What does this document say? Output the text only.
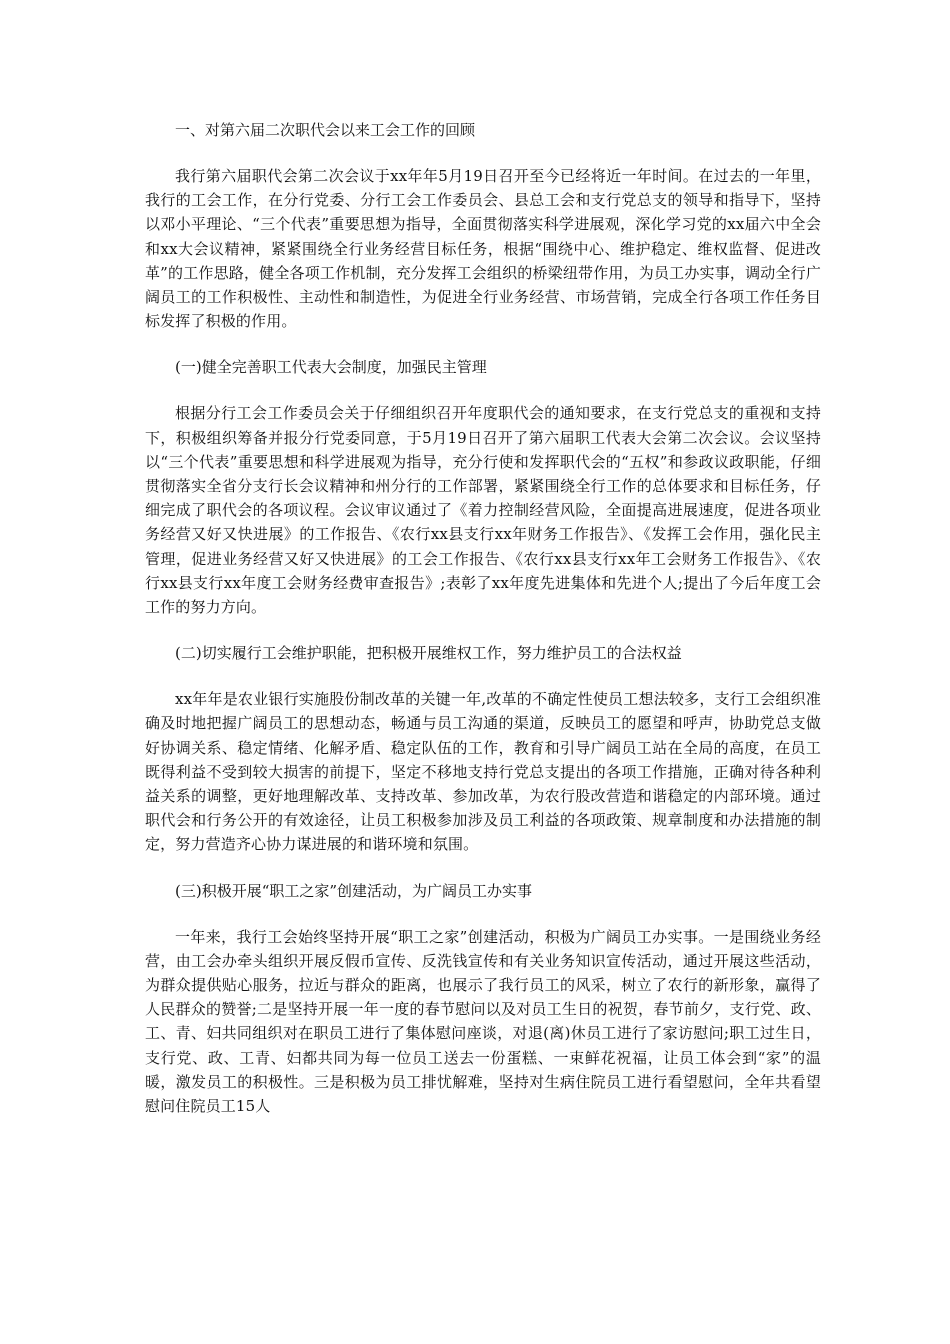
一、对第六届二次职代会以来工会工作的回顾

我行第六届职代会第二次会议于xx年年5月19日召开至今已经将近一年时间。在过去的一年里，我行的工会工作，在分行党委、分行工会工作委员会、县总工会和支行党总支的领导和指导下，坚持以邓小平理论、“三个代表”重要思想为指导，全面贯彻落实科学进展观，深化学习党的xx届六中全会和xx大会议精神，紧紧围绕全行业务经营目标任务，根据“围绕中心、维护稳定、维权监督、促进改革”的工作思路，健全各项工作机制，充分发挥工会组织的桥梁纽带作用，为员工办实事，调动全行广阔员工的工作积极性、主动性和制造性，为促进全行业务经营、市场营销，完成全行各项工作任务目标发挥了积极的作用。

(一)健全完善职工代表大会制度，加强民主管理

根据分行工会工作委员会关于仔细组织召开年度职代会的通知要求，在支行党总支的重视和支持下，积极组织筹备并报分行党委同意，于5月19日召开了第六届职工代表大会第二次会议。会议坚持以“三个代表”重要思想和科学进展观为指导，充分行使和发挥职代会的“五权”和参政议政职能，仔细贯彻落实全省分支行长会议精神和州分行的工作部署，紧紧围绕全行工作的总体要求和目标任务，仔细完成了职代会的各项议程。会议审议通过了《着力控制经营风险，全面提高进展速度，促进各项业务经营又好又快进展》的工作报告、《农行xx县支行xx年财务工作报告》、《发挥工会作用，强化民主管理，促进业务经营又好又快进展》的工会工作报告、《农行xx县支行xx年工会财务工作报告》、《农行xx县支行xx年度工会财务经费审查报告》;表彰了xx年度先进集体和先进个人;提出了今后年度工会工作的努力方向。

(二)切实履行工会维护职能，把积极开展维权工作，努力维护员工的合法权益

xx年年是农业银行实施股份制改革的关键一年,改革的不确定性使员工想法较多，支行工会组织准确及时地把握广阔员工的思想动态，畅通与员工沟通的渠道，反映员工的愿望和呼声，协助党总支做好协调关系、稳定情绪、化解矛盾、稳定队伍的工作，教育和引导广阔员工站在全局的高度，在员工既得利益不受到较大损害的前提下，坚定不移地支持行党总支提出的各项工作措施，正确对待各种利益关系的调整，更好地理解改革、支持改革、参加改革，为农行股改营造和谐稳定的内部环境。通过职代会和行务公开的有效途径，让员工积极参加涉及员工利益的各项政策、规章制度和办法措施的制定，努力营造齐心协力谋进展的和谐环境和氛围。

(三)积极开展“职工之家”创建活动，为广阔员工办实事

一年来，我行工会始终坚持开展“职工之家”创建活动，积极为广阔员工办实事。一是围绕业务经营，由工会办牵头组织开展反假币宣传、反洗钱宣传和有关业务知识宣传活动，通过开展这些活动，为群众提供贴心服务，拉近与群众的距离，也展示了我行员工的风采，树立了农行的新形象，赢得了人民群众的赞誉;二是坚持开展一年一度的春节慰问以及对员工生日的祝贺，春节前夕，支行党、政、工、青、妇共同组织对在职员工进行了集体慰问座谈，对退(离)休员工进行了家访慰问;职工过生日，支行党、政、工青、妇都共同为每一位员工送去一份蛋糕、一束鲜花祝福，让员工体会到“家”的温暖，激发员工的积极性。三是积极为员工排忧解难，坚持对生病住院员工进行看望慰问，全年共看望慰问住院员工15人
